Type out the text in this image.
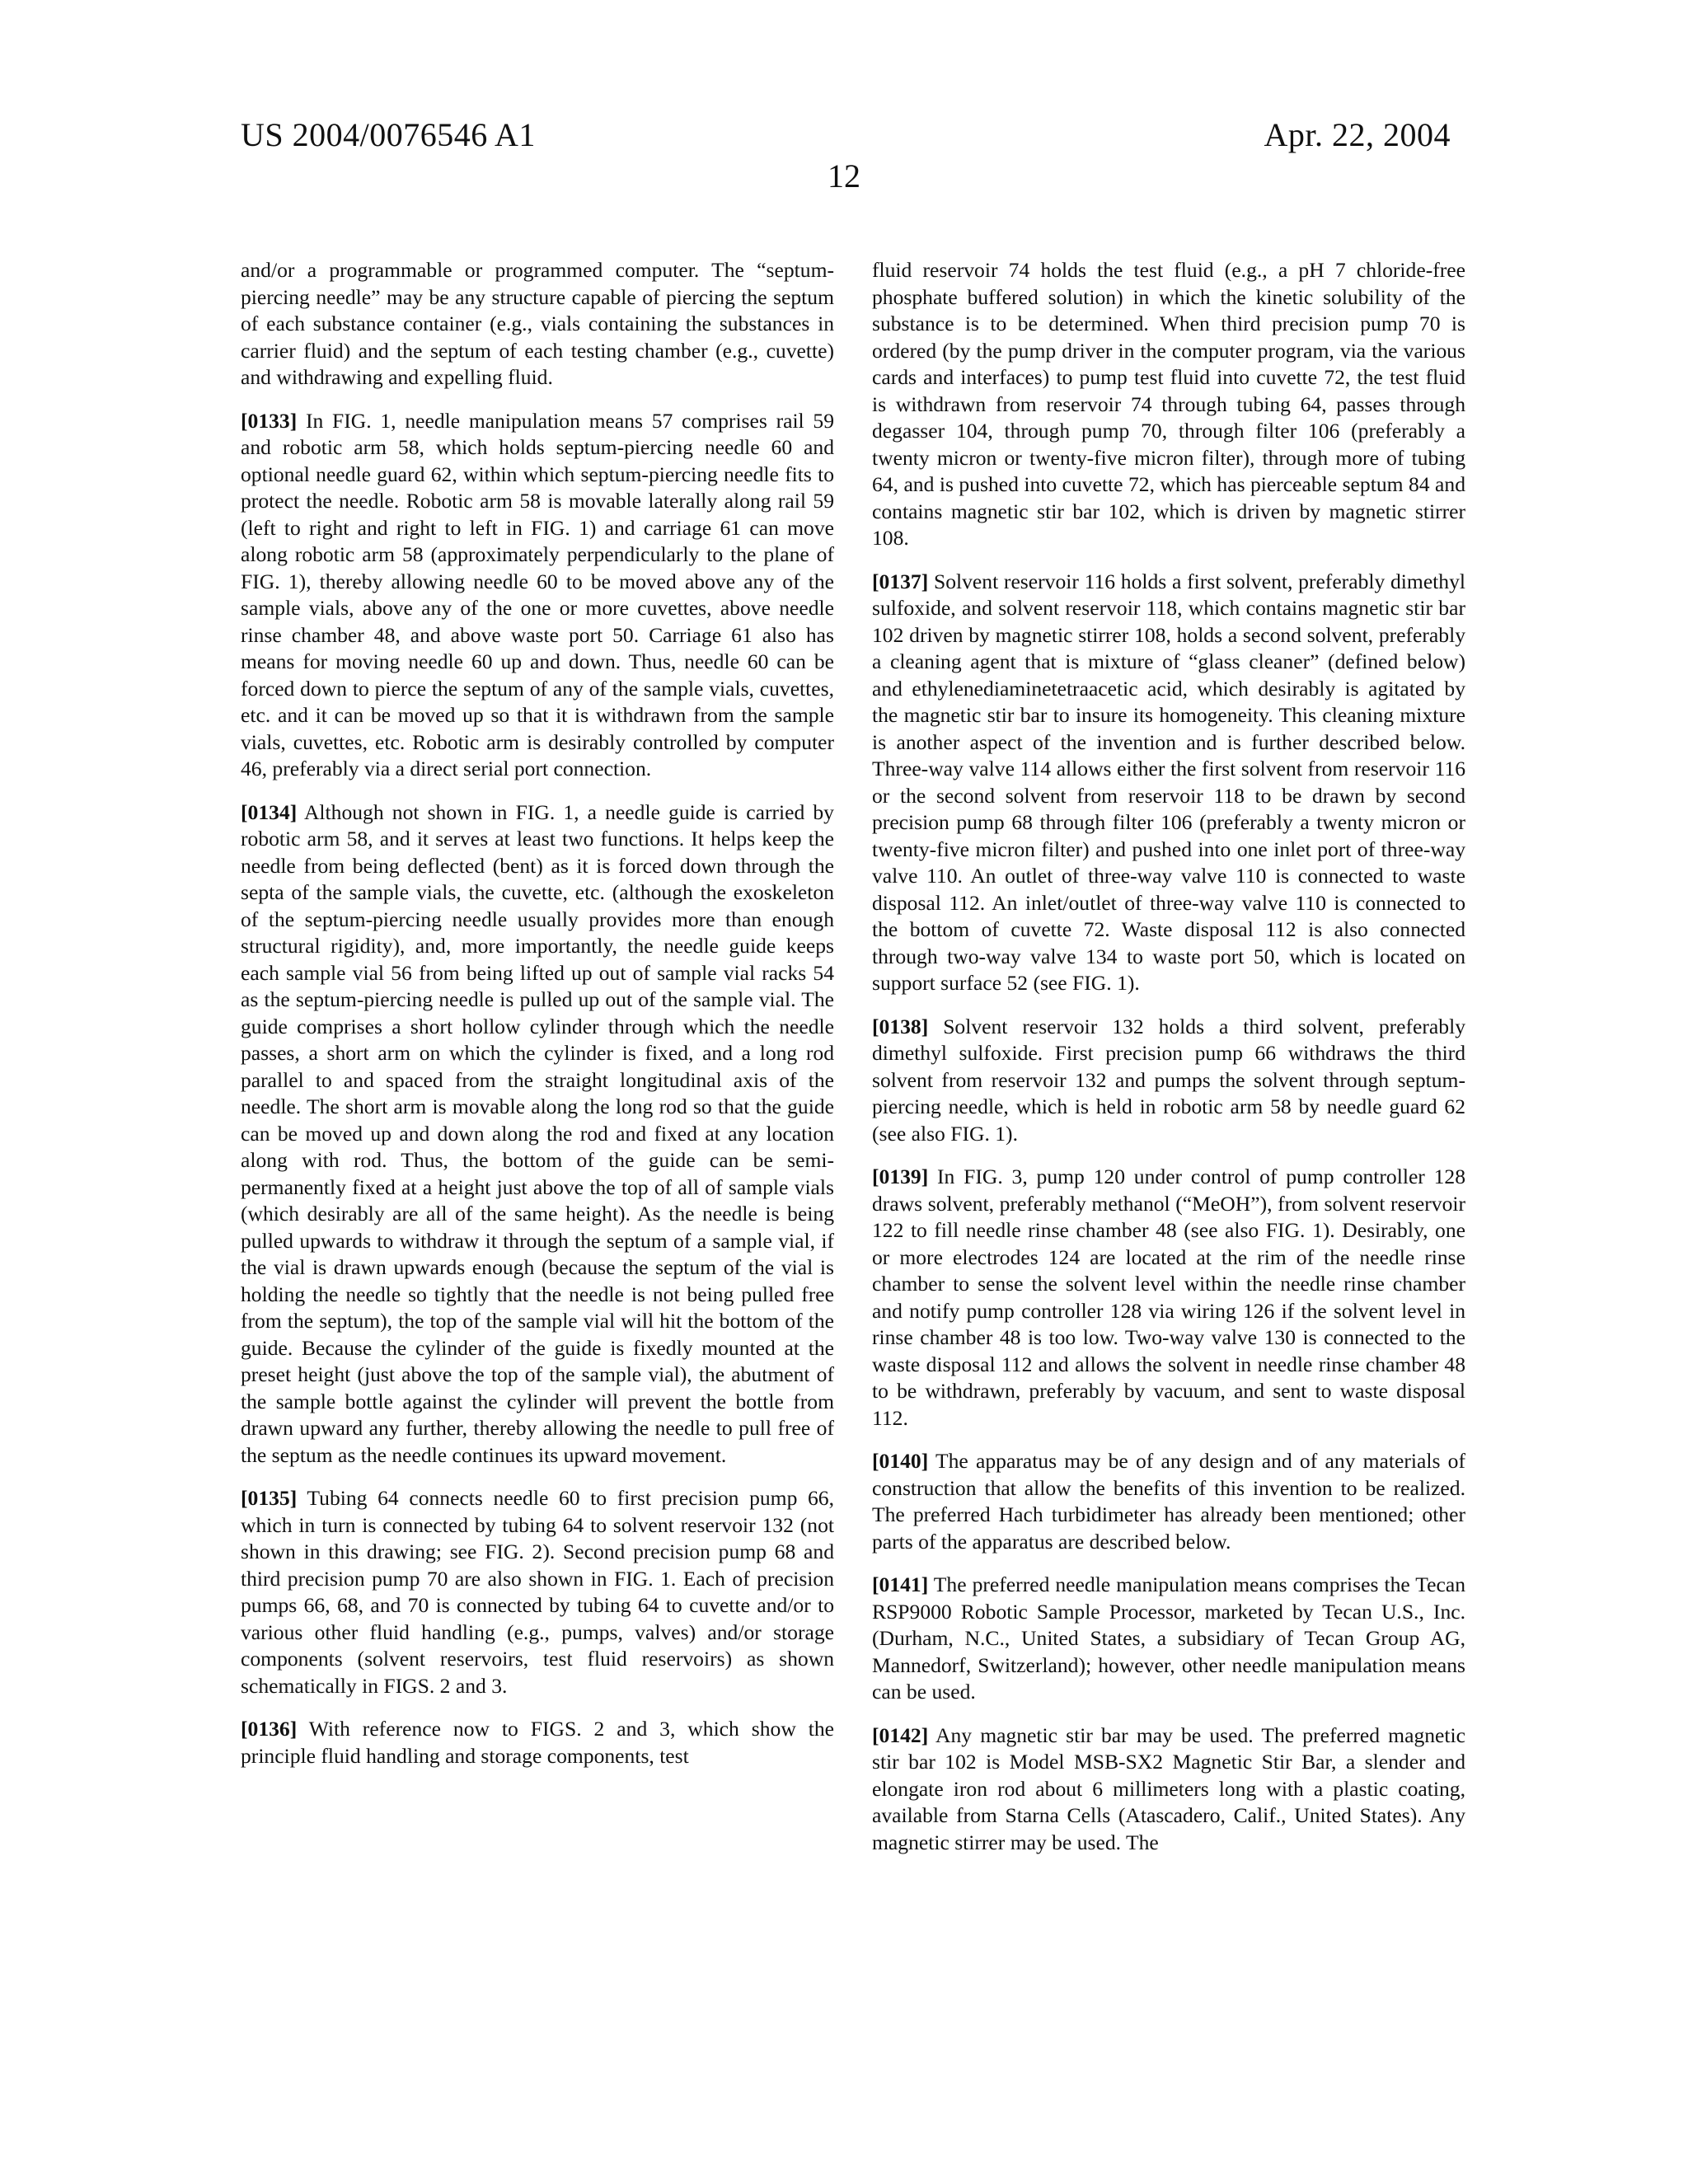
US 2004/0076546 A1	Apr. 22, 2004
12

and/or a programmable or programmed computer. The “septum-piercing needle” may be any structure capable of piercing the septum of each substance container (e.g., vials containing the substances in carrier fluid) and the septum of each testing chamber (e.g., cuvette) and withdrawing and expelling fluid.

[0133] In FIG. 1, needle manipulation means 57 comprises rail 59 and robotic arm 58, which holds septum-piercing needle 60 and optional needle guard 62, within which septum-piercing needle fits to protect the needle. Robotic arm 58 is movable laterally along rail 59 (left to right and right to left in FIG. 1) and carriage 61 can move along robotic arm 58 (approximately perpendicularly to the plane of FIG. 1), thereby allowing needle 60 to be moved above any of the sample vials, above any of the one or more cuvettes, above needle rinse chamber 48, and above waste port 50. Carriage 61 also has means for moving needle 60 up and down. Thus, needle 60 can be forced down to pierce the septum of any of the sample vials, cuvettes, etc. and it can be moved up so that it is withdrawn from the sample vials, cuvettes, etc. Robotic arm is desirably controlled by computer 46, preferably via a direct serial port connection.

[0134] Although not shown in FIG. 1, a needle guide is carried by robotic arm 58, and it serves at least two functions. It helps keep the needle from being deflected (bent) as it is forced down through the septa of the sample vials, the cuvette, etc. (although the exoskeleton of the septum-piercing needle usually provides more than enough structural rigidity), and, more importantly, the needle guide keeps each sample vial 56 from being lifted up out of sample vial racks 54 as the septum-piercing needle is pulled up out of the sample vial. The guide comprises a short hollow cylinder through which the needle passes, a short arm on which the cylinder is fixed, and a long rod parallel to and spaced from the straight longitudinal axis of the needle. The short arm is movable along the long rod so that the guide can be moved up and down along the rod and fixed at any location along with rod. Thus, the bottom of the guide can be semi-permanently fixed at a height just above the top of all of sample vials (which desirably are all of the same height). As the needle is being pulled upwards to withdraw it through the septum of a sample vial, if the vial is drawn upwards enough (because the septum of the vial is holding the needle so tightly that the needle is not being pulled free from the septum), the top of the sample vial will hit the bottom of the guide. Because the cylinder of the guide is fixedly mounted at the preset height (just above the top of the sample vial), the abutment of the sample bottle against the cylinder will prevent the bottle from drawn upward any further, thereby allowing the needle to pull free of the septum as the needle continues its upward movement.

[0135] Tubing 64 connects needle 60 to first precision pump 66, which in turn is connected by tubing 64 to solvent reservoir 132 (not shown in this drawing; see FIG. 2). Second precision pump 68 and third precision pump 70 are also shown in FIG. 1. Each of precision pumps 66, 68, and 70 is connected by tubing 64 to cuvette and/or to various other fluid handling (e.g., pumps, valves) and/or storage components (solvent reservoirs, test fluid reservoirs) as shown schematically in FIGS. 2 and 3.

[0136] With reference now to FIGS. 2 and 3, which show the principle fluid handling and storage components, test

fluid reservoir 74 holds the test fluid (e.g., a pH 7 chloride-free phosphate buffered solution) in which the kinetic solubility of the substance is to be determined. When third precision pump 70 is ordered (by the pump driver in the computer program, via the various cards and interfaces) to pump test fluid into cuvette 72, the test fluid is withdrawn from reservoir 74 through tubing 64, passes through degasser 104, through pump 70, through filter 106 (preferably a twenty micron or twenty-five micron filter), through more of tubing 64, and is pushed into cuvette 72, which has pierceable septum 84 and contains magnetic stir bar 102, which is driven by magnetic stirrer 108.

[0137] Solvent reservoir 116 holds a first solvent, preferably dimethyl sulfoxide, and solvent reservoir 118, which contains magnetic stir bar 102 driven by magnetic stirrer 108, holds a second solvent, preferably a cleaning agent that is mixture of “glass cleaner” (defined below) and ethylenediaminetetraacetic acid, which desirably is agitated by the magnetic stir bar to insure its homogeneity. This cleaning mixture is another aspect of the invention and is further described below. Three-way valve 114 allows either the first solvent from reservoir 116 or the second solvent from reservoir 118 to be drawn by second precision pump 68 through filter 106 (preferably a twenty micron or twenty-five micron filter) and pushed into one inlet port of three-way valve 110. An outlet of three-way valve 110 is connected to waste disposal 112. An inlet/outlet of three-way valve 110 is connected to the bottom of cuvette 72. Waste disposal 112 is also connected through two-way valve 134 to waste port 50, which is located on support surface 52 (see FIG. 1).

[0138] Solvent reservoir 132 holds a third solvent, preferably dimethyl sulfoxide. First precision pump 66 withdraws the third solvent from reservoir 132 and pumps the solvent through septum-piercing needle, which is held in robotic arm 58 by needle guard 62 (see also FIG. 1).

[0139] In FIG. 3, pump 120 under control of pump controller 128 draws solvent, preferably methanol (“MeOH”), from solvent reservoir 122 to fill needle rinse chamber 48 (see also FIG. 1). Desirably, one or more electrodes 124 are located at the rim of the needle rinse chamber to sense the solvent level within the needle rinse chamber and notify pump controller 128 via wiring 126 if the solvent level in rinse chamber 48 is too low. Two-way valve 130 is connected to the waste disposal 112 and allows the solvent in needle rinse chamber 48 to be withdrawn, preferably by vacuum, and sent to waste disposal 112.

[0140] The apparatus may be of any design and of any materials of construction that allow the benefits of this invention to be realized. The preferred Hach turbidimeter has already been mentioned; other parts of the apparatus are described below.

[0141] The preferred needle manipulation means comprises the Tecan RSP9000 Robotic Sample Processor, marketed by Tecan U.S., Inc. (Durham, N.C., United States, a subsidiary of Tecan Group AG, Mannedorf, Switzerland); however, other needle manipulation means can be used.

[0142] Any magnetic stir bar may be used. The preferred magnetic stir bar 102 is Model MSB-SX2 Magnetic Stir Bar, a slender and elongate iron rod about 6 millimeters long with a plastic coating, available from Starna Cells (Atascadero, Calif., United States). Any magnetic stirrer may be used. The
